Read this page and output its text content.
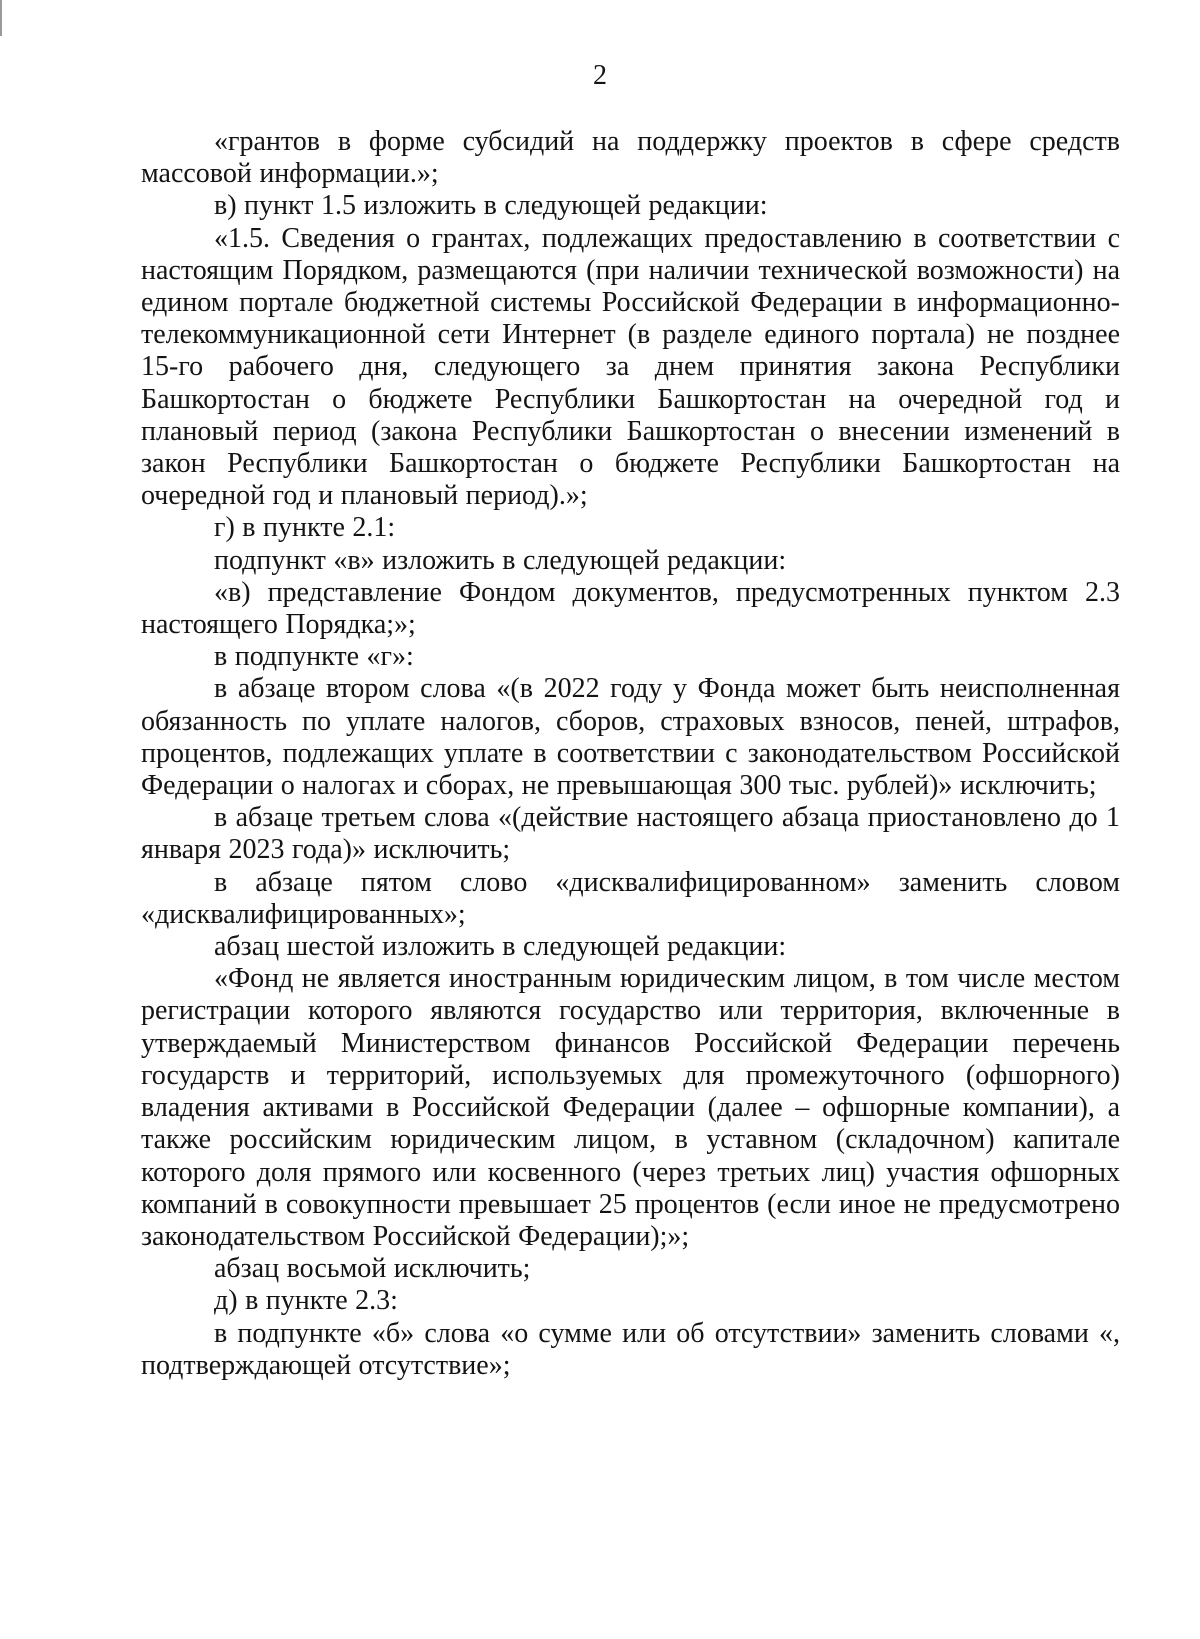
2

«грантов в форме субсидий на поддержку проектов в сфере средств массовой информации.»;

в) пункт 1.5 изложить в следующей редакции:

«1.5. Сведения о грантах, подлежащих предоставлению в соответствии с настоящим Порядком, размещаются (при наличии технической возможности) на едином портале бюджетной системы Российской Федерации в информационно-телекоммуникационной сети Интернет (в разделе единого портала) не позднее 15-го рабочего дня, следующего за днем принятия закона Республики Башкортостан о бюджете Республики Башкортостан на очередной год и плановый период (закона Республики Башкортостан о внесении изменений в закон Республики Башкортостан о бюджете Республики Башкортостан на очередной год и плановый период).»;

г) в пункте 2.1:

подпункт «в» изложить в следующей редакции:

«в) представление Фондом документов, предусмотренных пунктом 2.3 настоящего Порядка;»;

в подпункте «г»:

в абзаце втором слова «(в 2022 году у Фонда может быть неисполненная обязанность по уплате налогов, сборов, страховых взносов, пеней, штрафов, процентов, подлежащих уплате в соответствии с законодательством Российской Федерации о налогах и сборах, не превышающая 300 тыс. рублей)» исключить;

в абзаце третьем слова «(действие настоящего абзаца приостановлено до 1 января 2023 года)» исключить;

в абзаце пятом слово «дисквалифицированном» заменить словом «дисквалифицированных»;

абзац шестой изложить в следующей редакции:

«Фонд не является иностранным юридическим лицом, в том числе местом регистрации которого являются государство или территория, включенные в утверждаемый Министерством финансов Российской Федерации перечень государств и территорий, используемых для промежуточного (офшорного) владения активами в Российской Федерации (далее – офшорные компании), а также российским юридическим лицом, в уставном (складочном) капитале которого доля прямого или косвенного (через третьих лиц) участия офшорных компаний в совокупности превышает 25 процентов (если иное не предусмотрено законодательством Российской Федерации);»;

абзац восьмой исключить;

д) в пункте 2.3:

в подпункте «б» слова «о сумме или об отсутствии» заменить словами «, подтверждающей отсутствие»;
